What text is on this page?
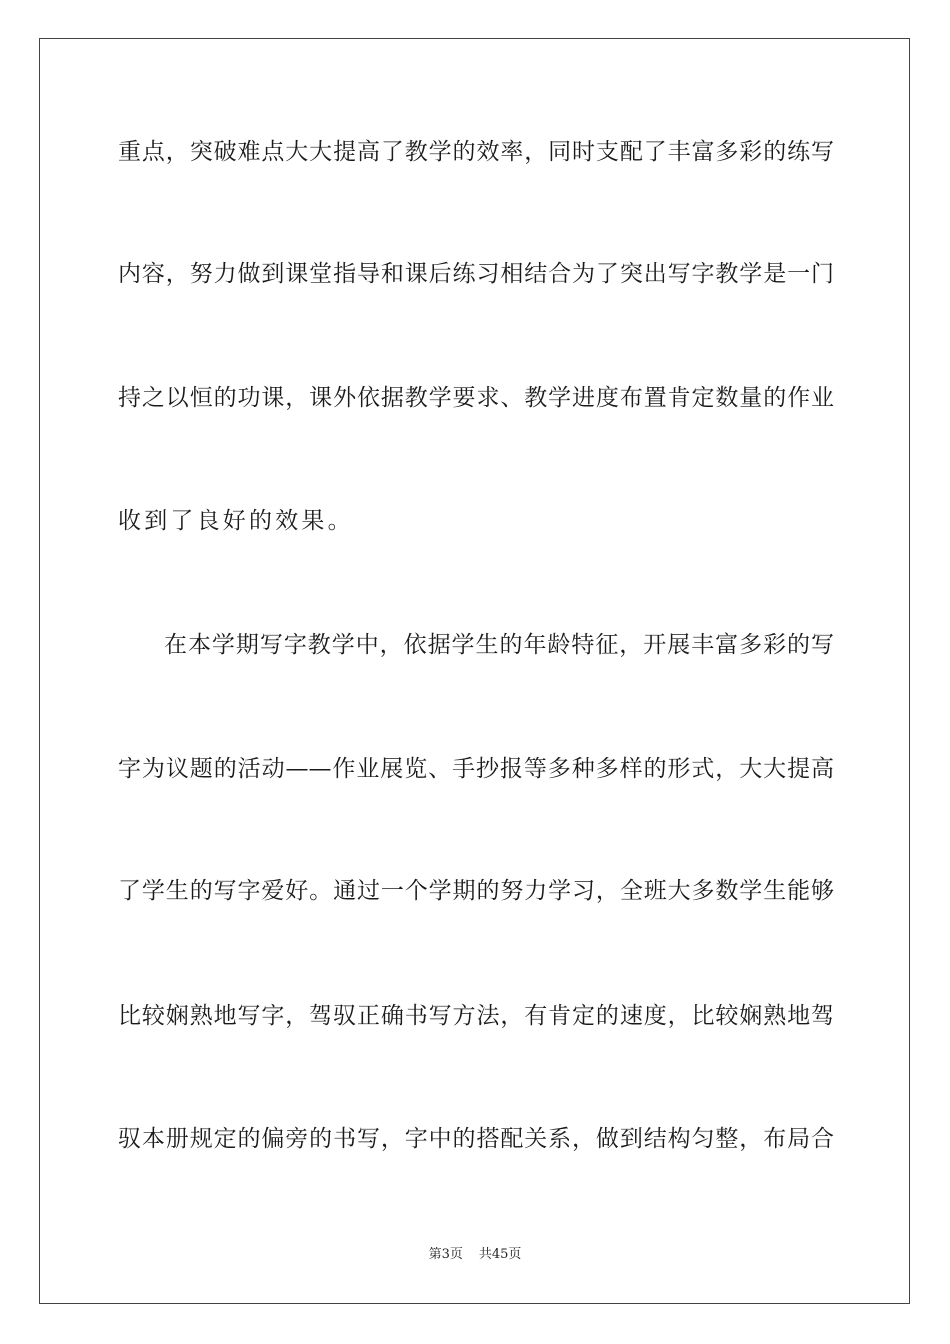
重点，突破难点大大提高了教学的效率，同时支配了丰富多彩的练写
内容，努力做到课堂指导和课后练习相结合为了突出写字教学是一门
持之以恒的功课，课外依据教学要求、教学进度布置肯定数量的作业
收到了良好的效果。
在本学期写字教学中，依据学生的年龄特征，开展丰富多彩的写
字为议题的活动——作业展览、手抄报等多种多样的形式，大大提高
了学生的写字爱好。通过一个学期的努力学习，全班大多数学生能够
比较娴熟地写字，驾驭正确书写方法，有肯定的速度，比较娴熟地驾
驭本册规定的偏旁的书写，字中的搭配关系，做到结构匀整，布局合
第3页 共45页
